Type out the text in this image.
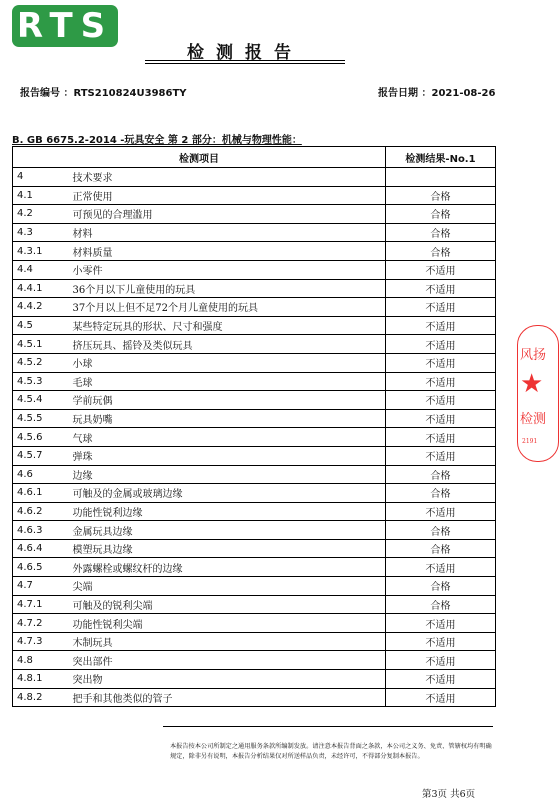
RTS
检测报告
报告编号 ：RTS210824U3986TY	报告日期 ：2021-08-26
B. GB 6675.2-2014 -玩具安全 第 2 部分：机械与物理性能：
检测项目		检测结果-No.1
4	技术要求	
4.1	正常使用	合格
4.2	可预见的合理滥用	合格
4.3	材料	合格
4.3.1	材料质量	合格
4.4	小零件	不适用
4.4.1	36个月以下儿童使用的玩具	不适用
4.4.2	37个月以上但不足72个月儿童使用的玩具	不适用
4.5	某些特定玩具的形状、尺寸和强度	不适用
4.5.1	挤压玩具、摇铃及类似玩具	不适用
4.5.2	小球	不适用
4.5.3	毛球	不适用
4.5.4	学前玩偶	不适用
4.5.5	玩具奶嘴	不适用
4.5.6	气球	不适用
4.5.7	弹珠	不适用
4.6	边缘	合格
4.6.1	可触及的金属或玻璃边缘	合格
4.6.2	功能性锐利边缘	不适用
4.6.3	金属玩具边缘	合格
4.6.4	模塑玩具边缘	合格
4.6.5	外露螺栓或螺纹杆的边缘	不适用
4.7	尖端	合格
4.7.1	可触及的锐利尖端	合格
4.7.2	功能性锐利尖端	不适用
4.7.3	木制玩具	不适用
4.8	突出部件	不适用
4.8.1	突出物	不适用
4.8.2	把手和其他类似的管子	不适用
风扬
★
检测
2191
本报告按本公司所制定之通用服务条款所编制发放。请注意本报告背面之条款，本公司之义务、免责、管辖权均有明确规定，除非另有说明，本报告分析结果仅对所送样品负责，未经许可，不得部分复制本报告。
第3页 共6页
